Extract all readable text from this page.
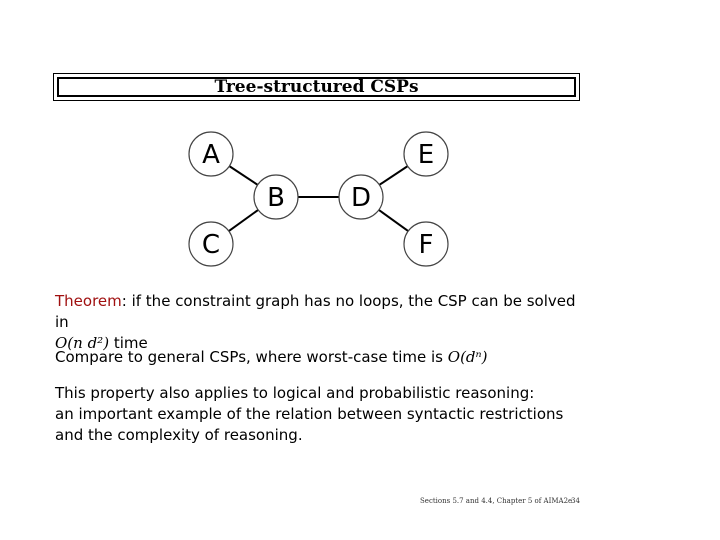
Tree-structured CSPs
A
B
C
D
E
F
Theorem: if the constraint graph has no loops, the CSP can be solved in
O(n d²) time
Compare to general CSPs, where worst-case time is O(dⁿ)
This property also applies to logical and probabilistic reasoning:
an important example of the relation between syntactic restrictions
and the complexity of reasoning.
Sections 5.7 and 4.4, Chapter 5 of AIMA2e
34
